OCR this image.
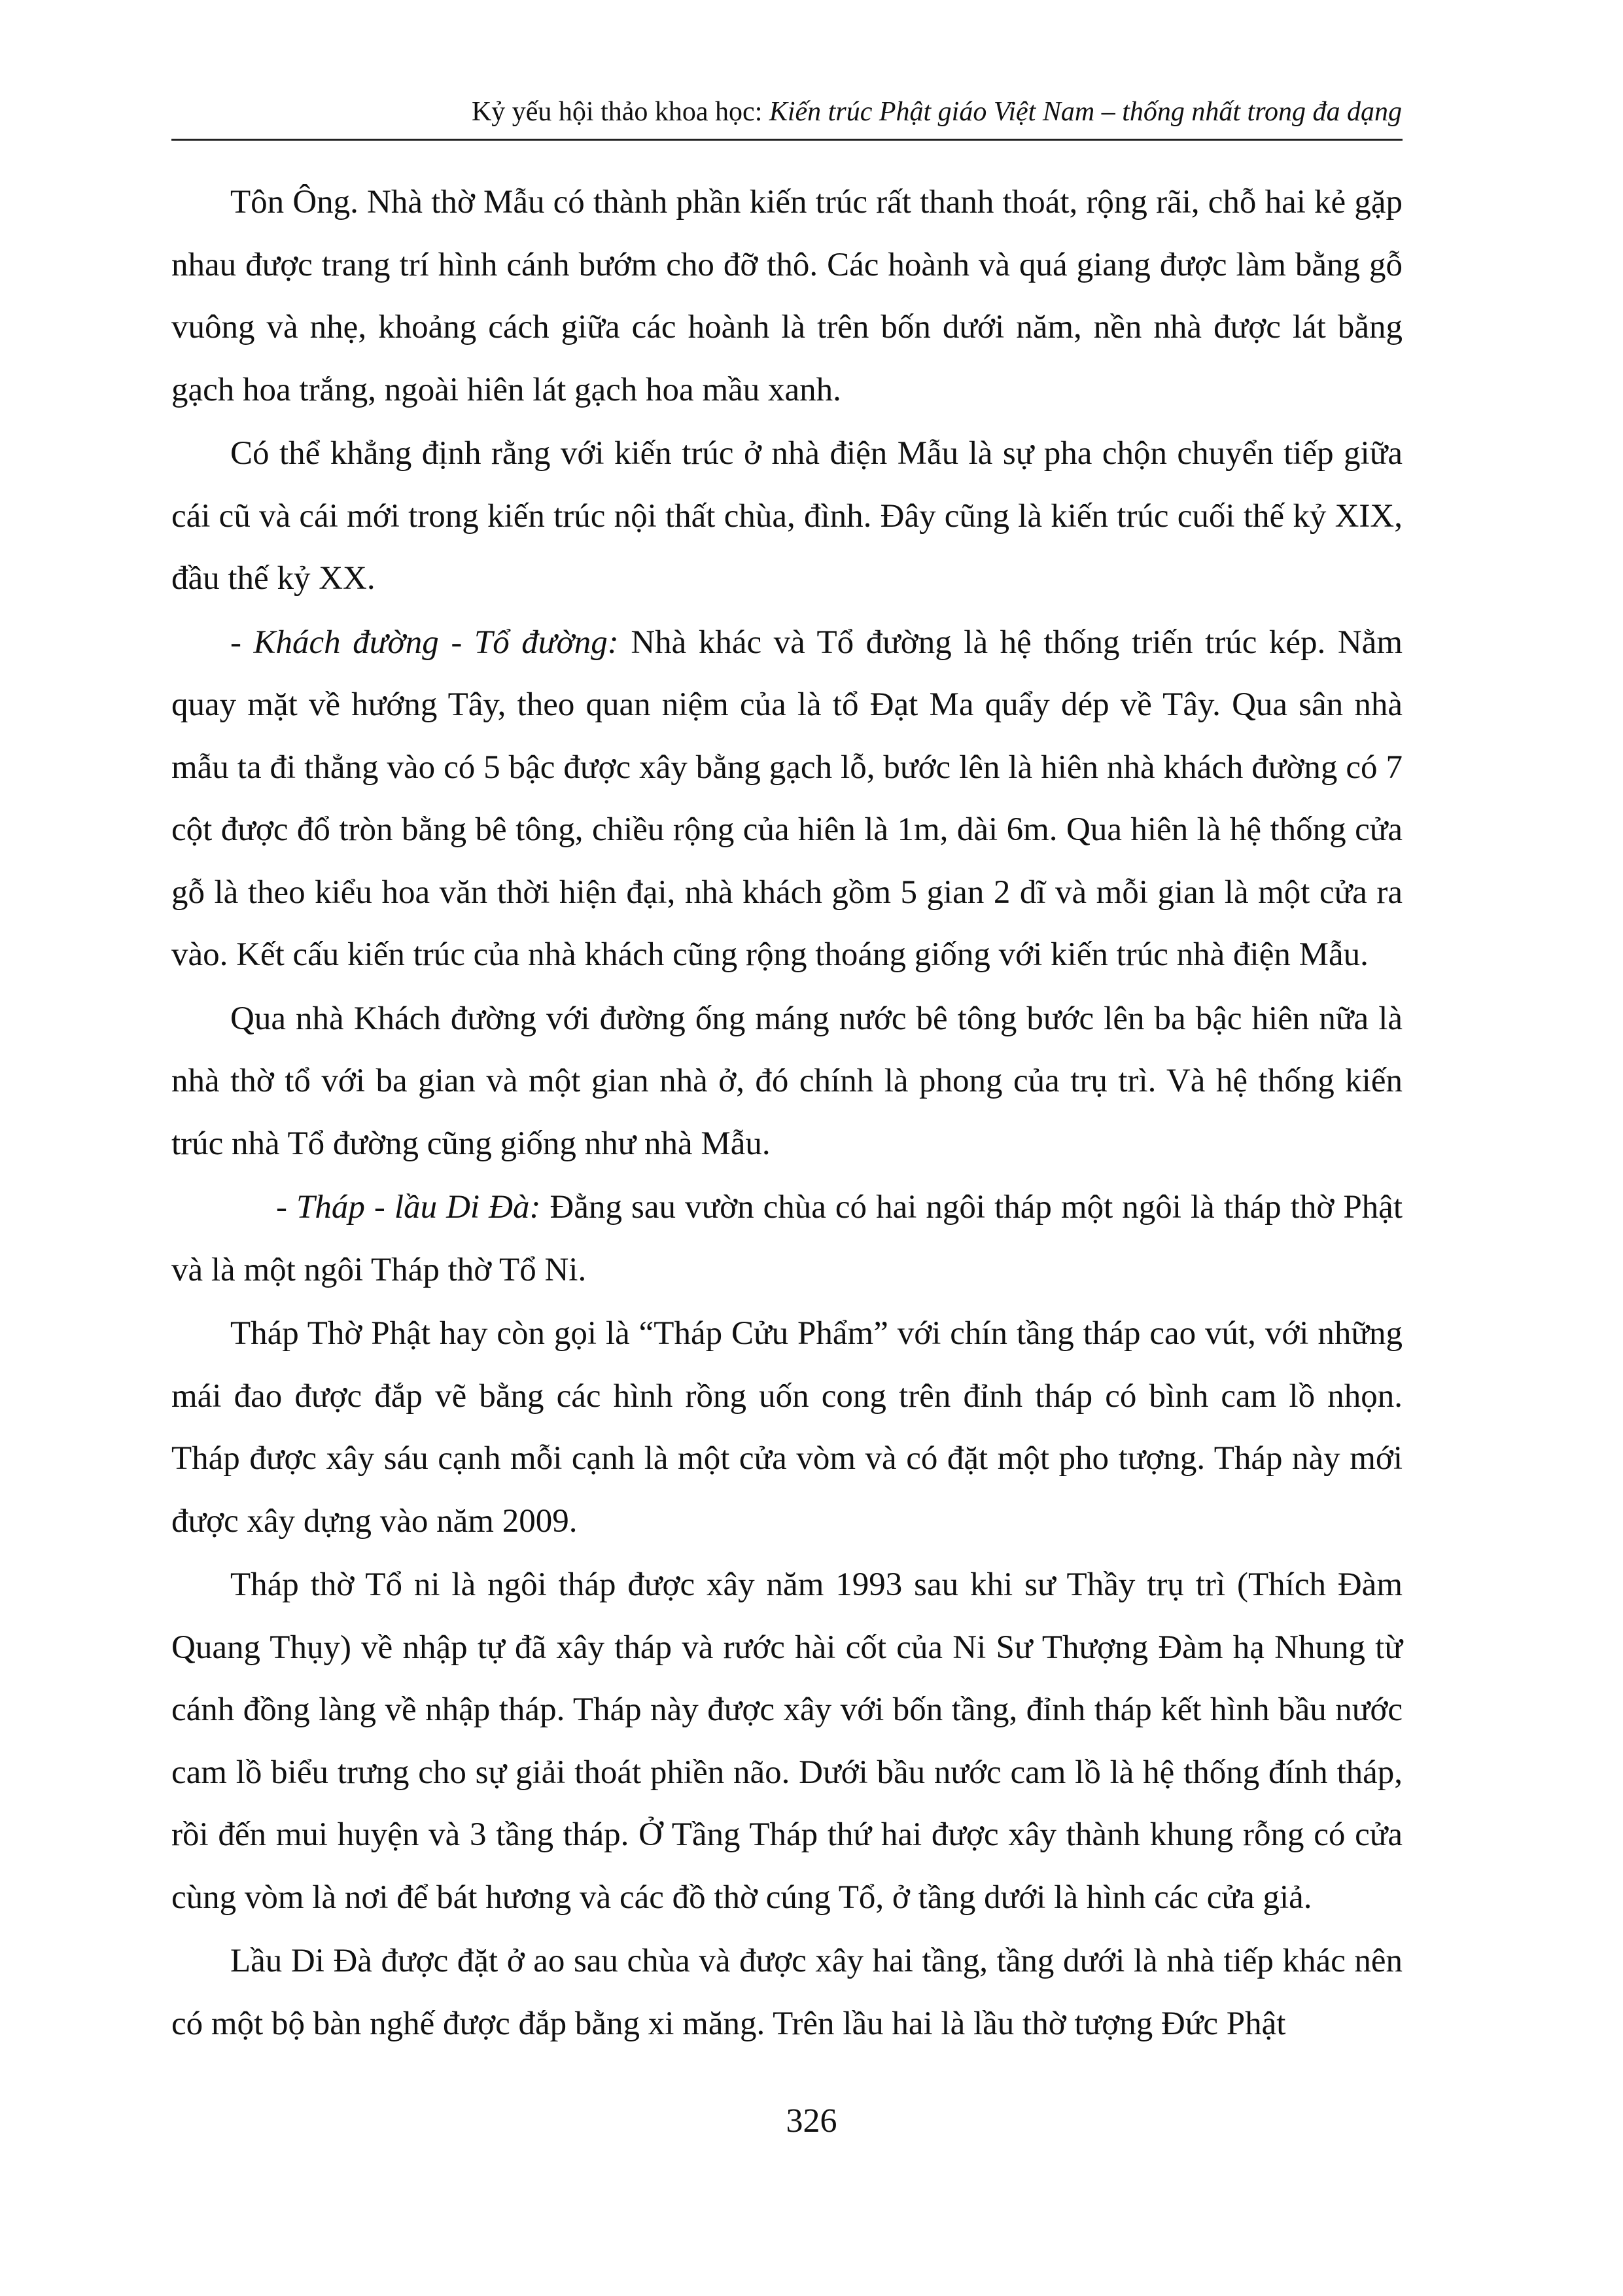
Kỷ yếu hội thảo khoa học: Kiến trúc Phật giáo Việt Nam – thống nhất trong đa dạng

Tôn Ông. Nhà thờ Mẫu có thành phần kiến trúc rất thanh thoát, rộng rãi, chỗ hai kẻ gặp nhau được trang trí hình cánh bướm cho đỡ thô. Các hoành và quá giang được làm bằng gỗ vuông và nhẹ, khoảng cách giữa các hoành là trên bốn dưới năm, nền nhà được lát bằng gạch hoa trắng, ngoài hiên lát gạch hoa mầu xanh.

Có thể khẳng định rằng với kiến trúc ở nhà điện Mẫu là sự pha chộn chuyển tiếp giữa cái cũ và cái mới trong kiến trúc nội thất chùa, đình. Đây cũng là kiến trúc cuối thế kỷ XIX, đầu thế kỷ XX.

- Khách đường - Tổ đường: Nhà khác và Tổ đường là hệ thống triến trúc kép. Nằm quay mặt về hướng Tây, theo quan niệm của là tổ Đạt Ma quẩy dép về Tây. Qua sân nhà mẫu ta đi thẳng vào có 5 bậc được xây bằng gạch lỗ, bước lên là hiên nhà khách đường có 7 cột được đổ tròn bằng bê tông, chiều rộng của hiên là 1m, dài 6m. Qua hiên là hệ thống cửa gỗ là theo kiểu hoa văn thời hiện đại, nhà khách gồm 5 gian 2 dĩ và mỗi gian là một cửa ra vào. Kết cấu kiến trúc của nhà khách cũng rộng thoáng giống với kiến trúc nhà điện Mẫu.

Qua nhà Khách đường với đường ống máng nước bê tông bước lên ba bậc hiên nữa là nhà thờ tổ với ba gian và một gian nhà ở, đó chính là phong của trụ trì. Và hệ thống kiến trúc nhà Tổ đường cũng giống như nhà Mẫu.

- Tháp - lầu Di Đà: Đằng sau vườn chùa có hai ngôi tháp một ngôi là tháp thờ Phật và là một ngôi Tháp thờ Tổ Ni.

Tháp Thờ Phật hay còn gọi là “Tháp Cửu Phẩm” với chín tầng tháp cao vút, với những mái đao được đắp vẽ bằng các hình rồng uốn cong trên đỉnh tháp có bình cam lồ nhọn. Tháp được xây sáu cạnh mỗi cạnh là một cửa vòm và có đặt một pho tượng. Tháp này mới được xây dựng vào năm 2009.

Tháp thờ Tổ ni là ngôi tháp được xây năm 1993 sau khi sư Thầy trụ trì (Thích Đàm Quang Thụy) về nhập tự đã xây tháp và rước hài cốt của Ni Sư Thượng Đàm hạ Nhung từ cánh đồng làng về nhập tháp. Tháp này được xây với bốn tầng, đỉnh tháp kết hình bầu nước cam lồ biểu trưng cho sự giải thoát phiền não. Dưới bầu nước cam lồ là hệ thống đính tháp, rồi đến mui huyện và 3 tầng tháp. Ở Tầng Tháp thứ hai được xây thành khung rỗng có cửa cùng vòm là nơi để bát hương và các đồ thờ cúng Tổ, ở tầng dưới là hình các cửa giả.

Lầu Di Đà được đặt ở ao sau chùa và được xây hai tầng, tầng dưới là nhà tiếp khác nên có một bộ bàn nghế được đắp bằng xi măng. Trên lầu hai là lầu thờ tượng Đức Phật

326
